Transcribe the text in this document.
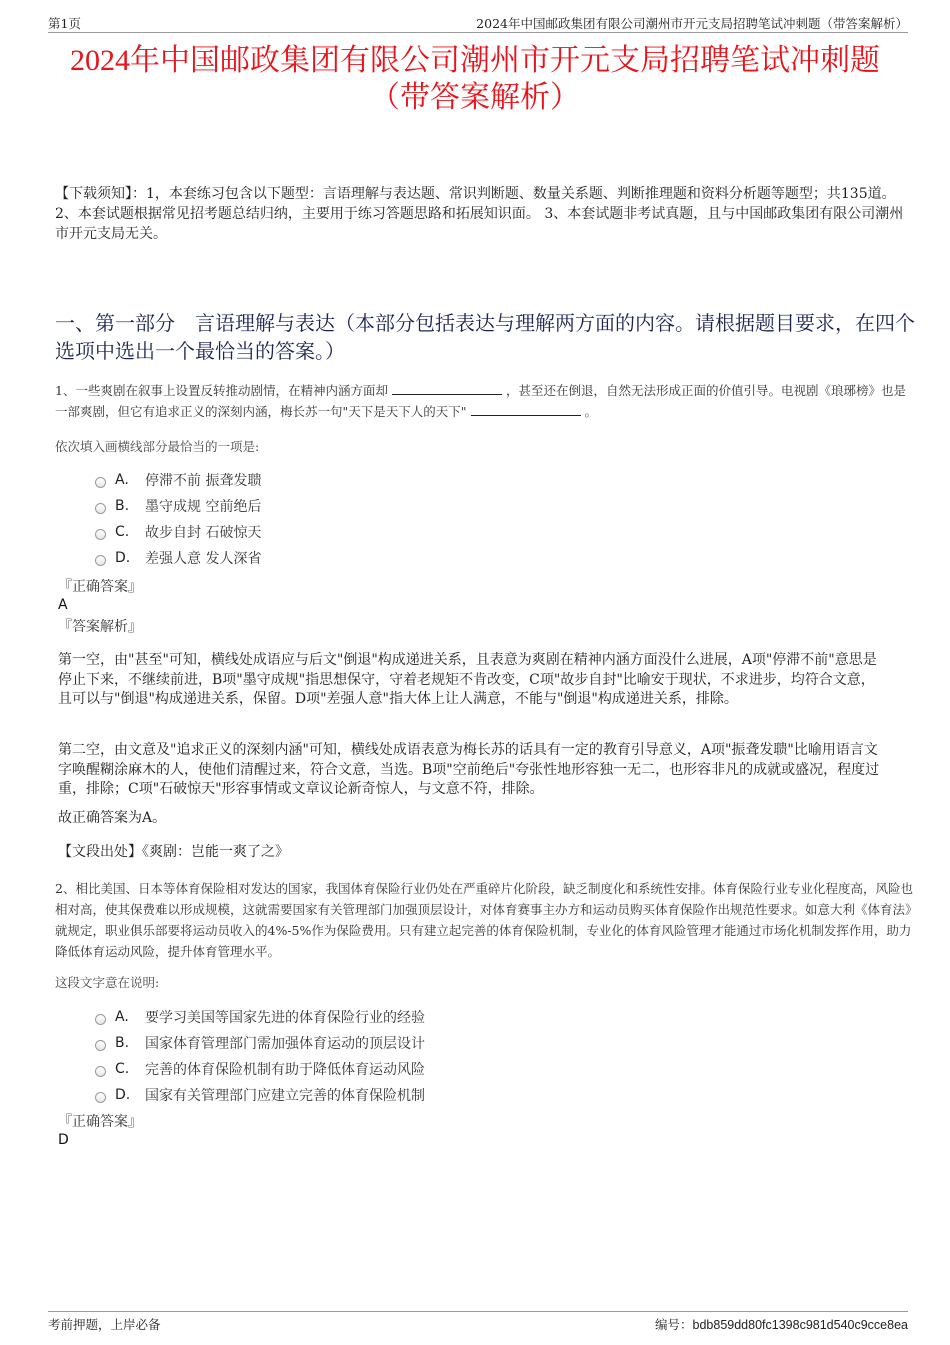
第1页	2024年中国邮政集团有限公司潮州市开元支局招聘笔试冲刺题（带答案解析）
2024年中国邮政集团有限公司潮州市开元支局招聘笔试冲刺题
（带答案解析）
【下载须知】：1，本套练习包含以下题型：言语理解与表达题、常识判断题、数量关系题、判断推理题和资料分析题等题型；共135道。 2、本套试题根据常见招考题总结归纳，主要用于练习答题思路和拓展知识面。 3、本套试题非考试真题，且与中国邮政集团有限公司潮州市开元支局无关。
一、第一部分　言语理解与表达（本部分包括表达与理解两方面的内容。请根据题目要求，在四个选项中选出一个最恰当的答案。）
1、一些爽剧在叙事上设置反转推动剧情，在精神内涵方面却	，甚至还在倒退，自然无法形成正面的价值引导。电视剧《琅琊榜》也是一部爽剧，但它有追求正义的深刻内涵，梅长苏一句"天下是天下人的天下"	。
依次填入画横线部分最恰当的一项是:
A.	停滞不前 振聋发聩
B.	墨守成规 空前绝后
C.	故步自封 石破惊天
D.	差强人意 发人深省
『正确答案』
A
『答案解析』
第一空，由"甚至"可知，横线处成语应与后文"倒退"构成递进关系，且表意为爽剧在精神内涵方面没什么进展，A项"停滞不前"意思是停止下来，不继续前进，B项"墨守成规"指思想保守，守着老规矩不肯改变，C项"故步自封"比喻安于现状，不求进步，均符合文意，且可以与"倒退"构成递进关系，保留。D项"差强人意"指大体上让人满意，不能与"倒退"构成递进关系，排除。
第二空，由文意及"追求正义的深刻内涵"可知，横线处成语表意为梅长苏的话具有一定的教育引导意义，A项"振聋发聩"比喻用语言文字唤醒糊涂麻木的人，使他们清醒过来，符合文意，当选。B项"空前绝后"夸张性地形容独一无二，也形容非凡的成就或盛况，程度过重，排除；C项"石破惊天"形容事情或文章议论新奇惊人，与文意不符，排除。
故正确答案为A。
【文段出处】《爽剧：岂能一爽了之》
2、相比美国、日本等体育保险相对发达的国家，我国体育保险行业仍处在严重碎片化阶段，缺乏制度化和系统性安排。体育保险行业专业化程度高，风险也相对高，使其保费难以形成规模，这就需要国家有关管理部门加强顶层设计，对体育赛事主办方和运动员购买体育保险作出规范性要求。如意大利《体育法》就规定，职业俱乐部要将运动员收入的4%-5%作为保险费用。只有建立起完善的体育保险机制，专业化的体育风险管理才能通过市场化机制发挥作用，助力降低体育运动风险，提升体育管理水平。
这段文字意在说明:
A.	要学习美国等国家先进的体育保险行业的经验
B.	国家体育管理部门需加强体育运动的顶层设计
C.	完善的体育保险机制有助于降低体育运动风险
D.	国家有关管理部门应建立完善的体育保险机制
『正确答案』
D
考前押题，上岸必备	编号：bdb859dd80fc1398c981d540c9cce8ea
